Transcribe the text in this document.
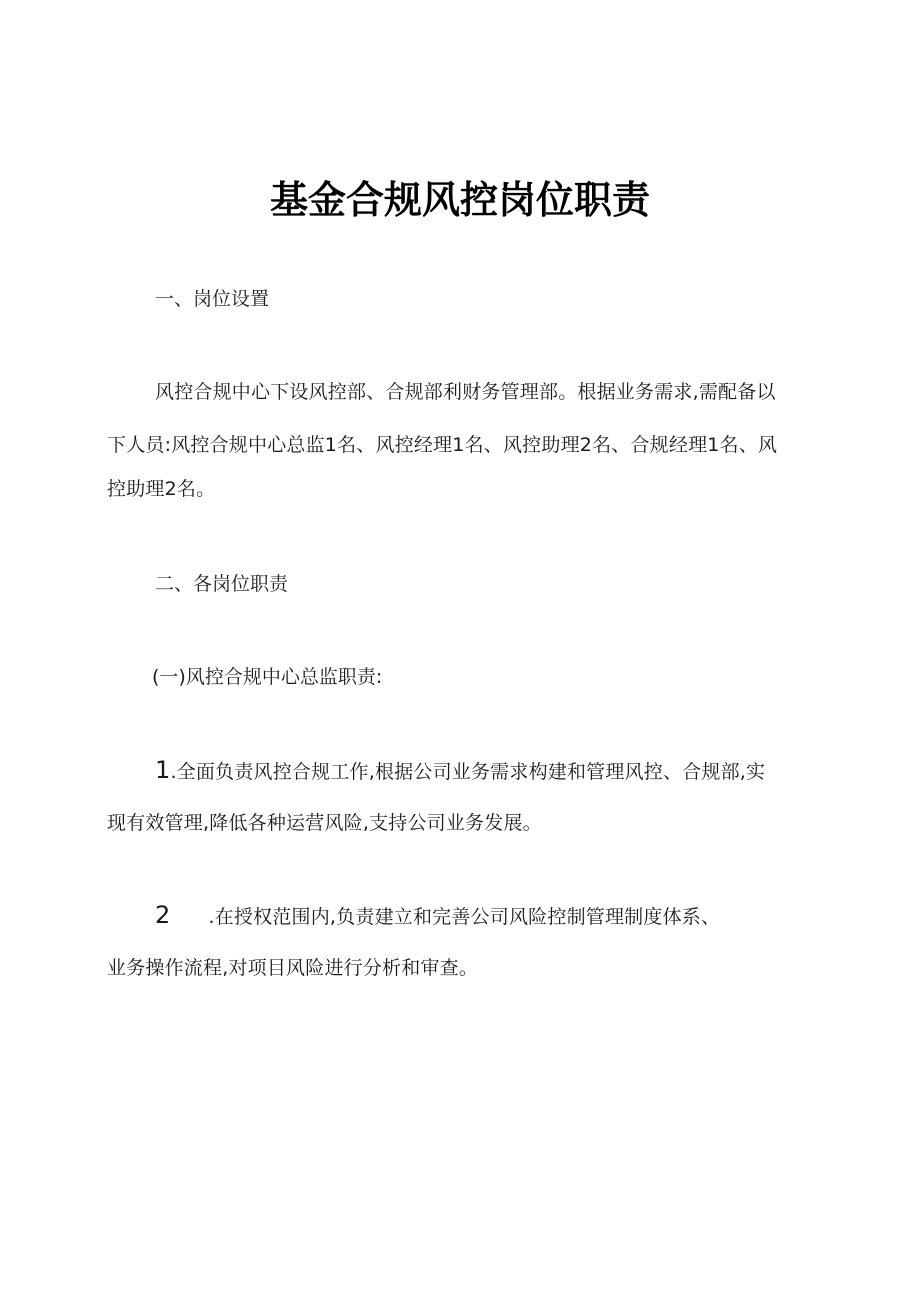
基金合规风控岗位职责
一、岗位设置
风控合规中心下设风控部、合规部利财务管理部。根据业务需求,需配备以
下人员:风控合规中心总监1名、风控经理1名、风控助理2名、合规经理1名、风
控助理2名。
二、各岗位职责
(一)风控合规中心总监职责:
1.全面负责风控合规工作,根据公司业务需求构建和管理风控、合规部,实
现有效管理,降低各种运营风险,支持公司业务发展。
2 .在授权范围内,负责建立和完善公司风险控制管理制度体系、
业务操作流程,对项目风险进行分析和审查。
